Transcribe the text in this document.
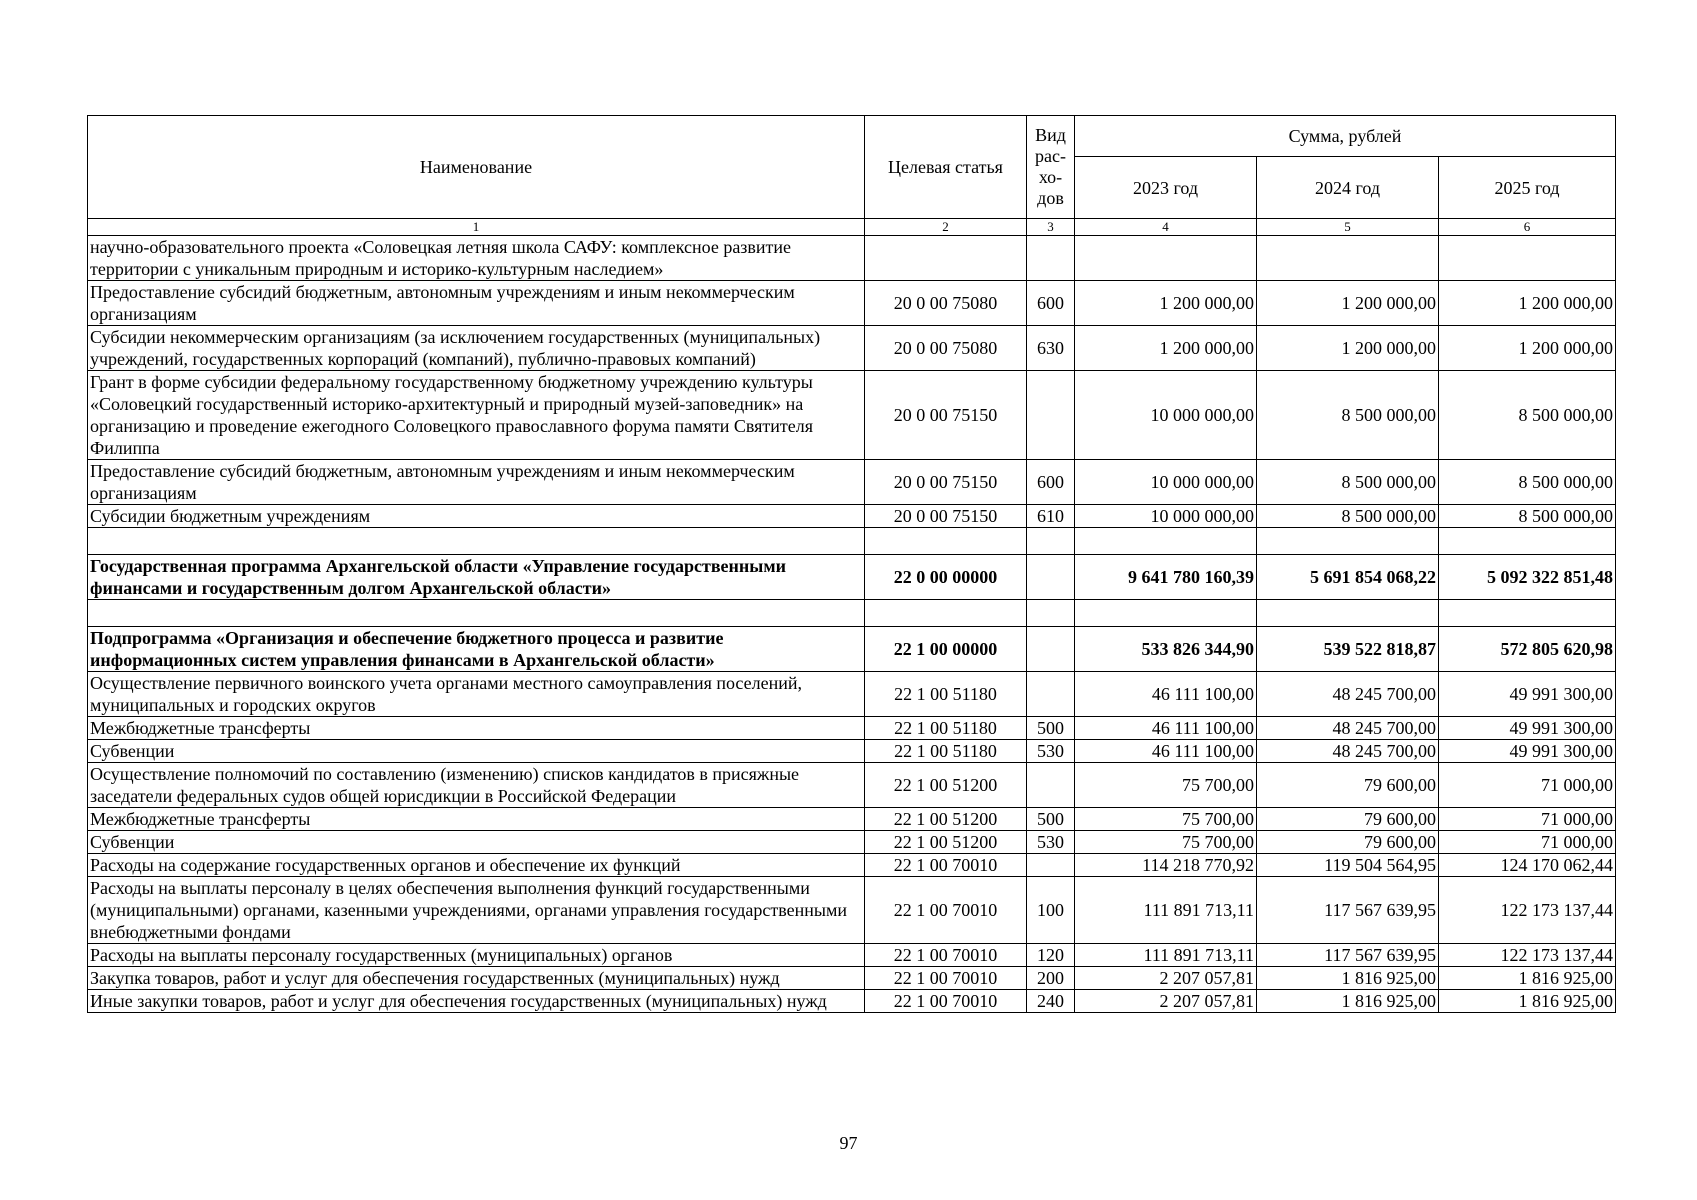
Наименование	Целевая статья	Вид
рас-
хо-
дов	Сумма, рублей		
			2023 год	2024 год	2025 год
1	2	3	4	5	6
научно-образовательного проекта «Соловецкая летняя школа САФУ: комплексное развитие территории с уникальным природным и историко-культурным наследием»					
Предоставление субсидий бюджетным, автономным учреждениям и иным некоммерческим организациям	20 0 00 75080	600	1 200 000,00	1 200 000,00	1 200 000,00
Субсидии некоммерческим организациям (за исключением государственных (муниципальных) учреждений, государственных корпораций (компаний), публично-правовых компаний)	20 0 00 75080	630	1 200 000,00	1 200 000,00	1 200 000,00
Грант в форме субсидии федеральному государственному бюджетному учреждению культуры «Соловецкий государственный историко-архитектурный и природный музей-заповедник» на организацию и проведение ежегодного Соловецкого православного форума памяти Святителя Филиппа	20 0 00 75150		10 000 000,00	8 500 000,00	8 500 000,00
Предоставление субсидий бюджетным, автономным учреждениям и иным некоммерческим организациям	20 0 00 75150	600	10 000 000,00	8 500 000,00	8 500 000,00
Субсидии бюджетным учреждениям	20 0 00 75150	610	10 000 000,00	8 500 000,00	8 500 000,00

Государственная программа Архангельской области «Управление государственными финансами и государственным долгом Архангельской области»	22 0 00 00000		9 641 780 160,39	5 691 854 068,22	5 092 322 851,48

Подпрограмма «Организация и обеспечение бюджетного процесса и развитие информационных систем управления финансами в Архангельской области»	22 1 00 00000		533 826 344,90	539 522 818,87	572 805 620,98
Осуществление первичного воинского учета органами местного самоуправления поселений, муниципальных и городских округов	22 1 00 51180		46 111 100,00	48 245 700,00	49 991 300,00
Межбюджетные трансферты	22 1 00 51180	500	46 111 100,00	48 245 700,00	49 991 300,00
Субвенции	22 1 00 51180	530	46 111 100,00	48 245 700,00	49 991 300,00
Осуществление полномочий по составлению (изменению) списков кандидатов в присяжные заседатели федеральных судов общей юрисдикции в Российской Федерации	22 1 00 51200		75 700,00	79 600,00	71 000,00
Межбюджетные трансферты	22 1 00 51200	500	75 700,00	79 600,00	71 000,00
Субвенции	22 1 00 51200	530	75 700,00	79 600,00	71 000,00
Расходы на содержание государственных органов и обеспечение их функций	22 1 00 70010		114 218 770,92	119 504 564,95	124 170 062,44
Расходы на выплаты персоналу в целях обеспечения выполнения функций государственными (муниципальными) органами, казенными учреждениями, органами управления государственными внебюджетными фондами	22 1 00 70010	100	111 891 713,11	117 567 639,95	122 173 137,44
Расходы на выплаты персоналу государственных (муниципальных) органов	22 1 00 70010	120	111 891 713,11	117 567 639,95	122 173 137,44
Закупка товаров, работ и услуг для обеспечения государственных (муниципальных) нужд	22 1 00 70010	200	2 207 057,81	1 816 925,00	1 816 925,00
Иные закупки товаров, работ и услуг для обеспечения государственных (муниципальных) нужд	22 1 00 70010	240	2 207 057,81	1 816 925,00	1 816 925,00
97
